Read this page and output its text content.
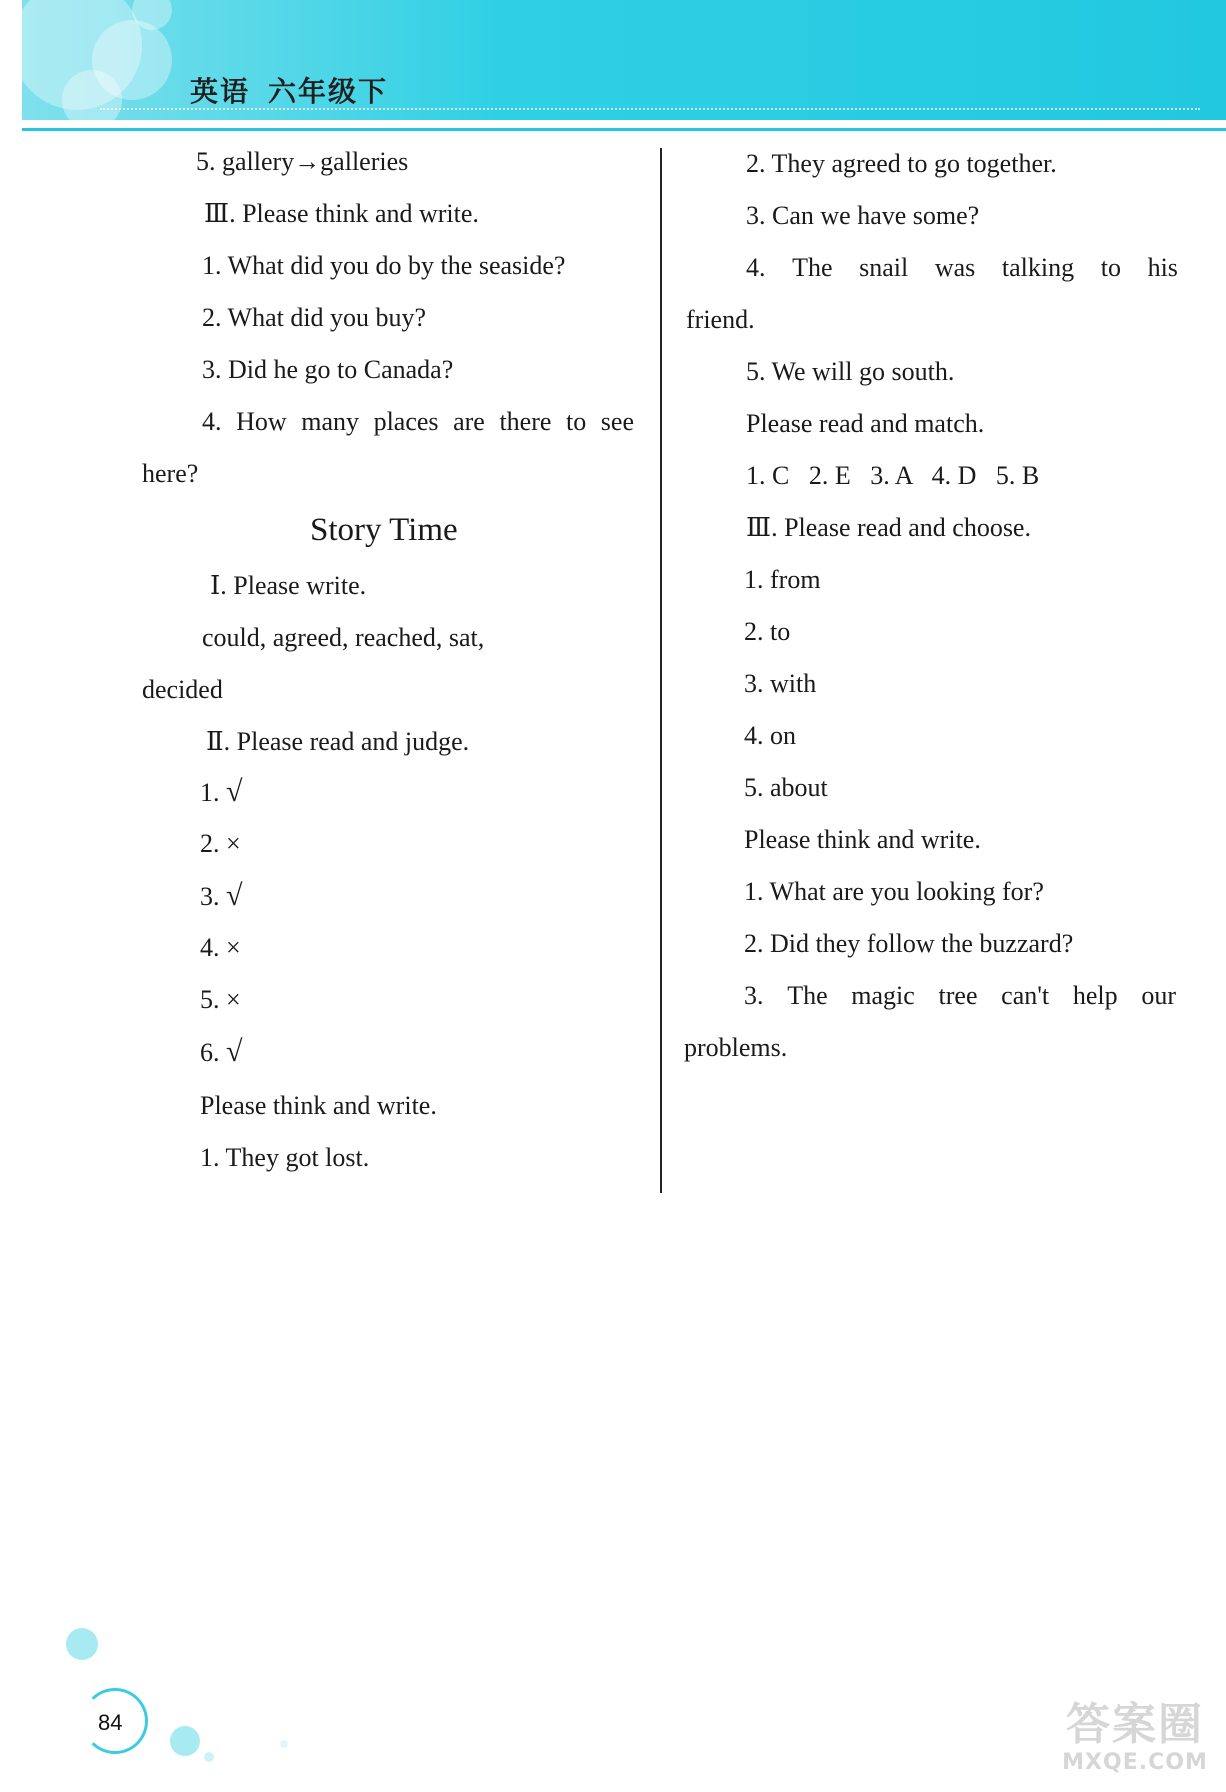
英语 六年级下
5. gallery→galleries
Ⅲ. Please think and write.
1. What did you do by the seaside?
2. What did you buy?
3. Did he go to Canada?
4. How many places are there to see
here?
Story Time
Ⅰ. Please write.
could, agreed, reached, sat,
decided
Ⅱ. Please read and judge.
1. √
2. ×
3. √
4. ×
5. ×
6. √
Please think and write.
1. They got lost.
2. They agreed to go together.
3. Can we have some?
4. The snail was talking to his
friend.
5. We will go south.
Please read and match.
1. C   2. E   3. A   4. D   5. B
Ⅲ. Please read and choose.
1. from
2. to
3. with
4. on
5. about
Please think and write.
1. What are you looking for?
2. Did they follow the buzzard?
3. The magic tree can't help our
problems.
84	答案圈
MXQE.COM
